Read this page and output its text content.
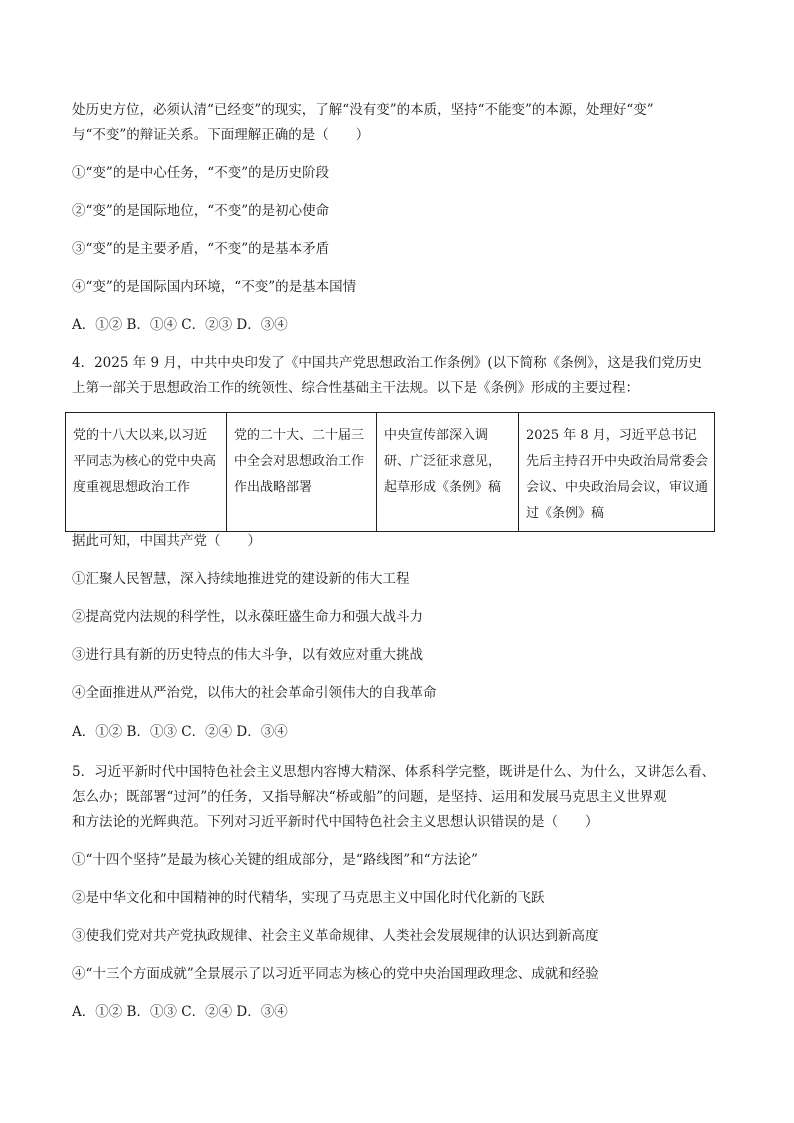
处历史方位，必须认清“已经变”的现实，了解“没有变”的本质，坚持“不能变”的本源，处理好“变”
与“不变”的辩证关系。下面理解正确的是（　　）
①“变”的是中心任务，“不变”的是历史阶段
②“变”的是国际地位，“不变”的是初心使命
③“变”的是主要矛盾，“不变”的是基本矛盾
④“变”的是国际国内环境，“不变”的是基本国情
A．①② B．①④ C．②③ D．③④
4．2025 年 9 月，中共中央印发了《中国共产党思想政治工作条例》(以下简称《条例》，这是我们党历史
上第一部关于思想政治工作的统领性、综合性基础主干法规。以下是《条例》形成的主要过程：
党的十八大以来,以习近平同志为核心的党中央高度重视思想政治工作	党的二十大、二十届三中全会对思想政治工作作出战略部署	中央宣传部深入调研、广泛征求意见，起草形成《条例》稿	2025 年 8 月，习近平总书记先后主持召开中央政治局常委会会议、中央政治局会议，审议通过《条例》稿
据此可知，中国共产党（　　）
①汇聚人民智慧，深入持续地推进党的建设新的伟大工程
②提高党内法规的科学性，以永葆旺盛生命力和强大战斗力
③进行具有新的历史特点的伟大斗争，以有效应对重大挑战
④全面推进从严治党，以伟大的社会革命引领伟大的自我革命
A．①② B．①③ C．②④ D．③④
5．习近平新时代中国特色社会主义思想内容博大精深、体系科学完整，既讲是什么、为什么，又讲怎么看、
怎么办；既部署“过河”的任务，又指导解决“桥或船”的问题，是坚持、运用和发展马克思主义世界观
和方法论的光辉典范。下列对习近平新时代中国特色社会主义思想认识错误的是（　　）
①“十四个坚持”是最为核心关键的组成部分，是“路线图”和“方法论”
②是中华文化和中国精神的时代精华，实现了马克思主义中国化时代化新的飞跃
③使我们党对共产党执政规律、社会主义革命规律、人类社会发展规律的认识达到新高度
④“十三个方面成就”全景展示了以习近平同志为核心的党中央治国理政理念、成就和经验
A．①② B．①③ C．②④ D．③④
